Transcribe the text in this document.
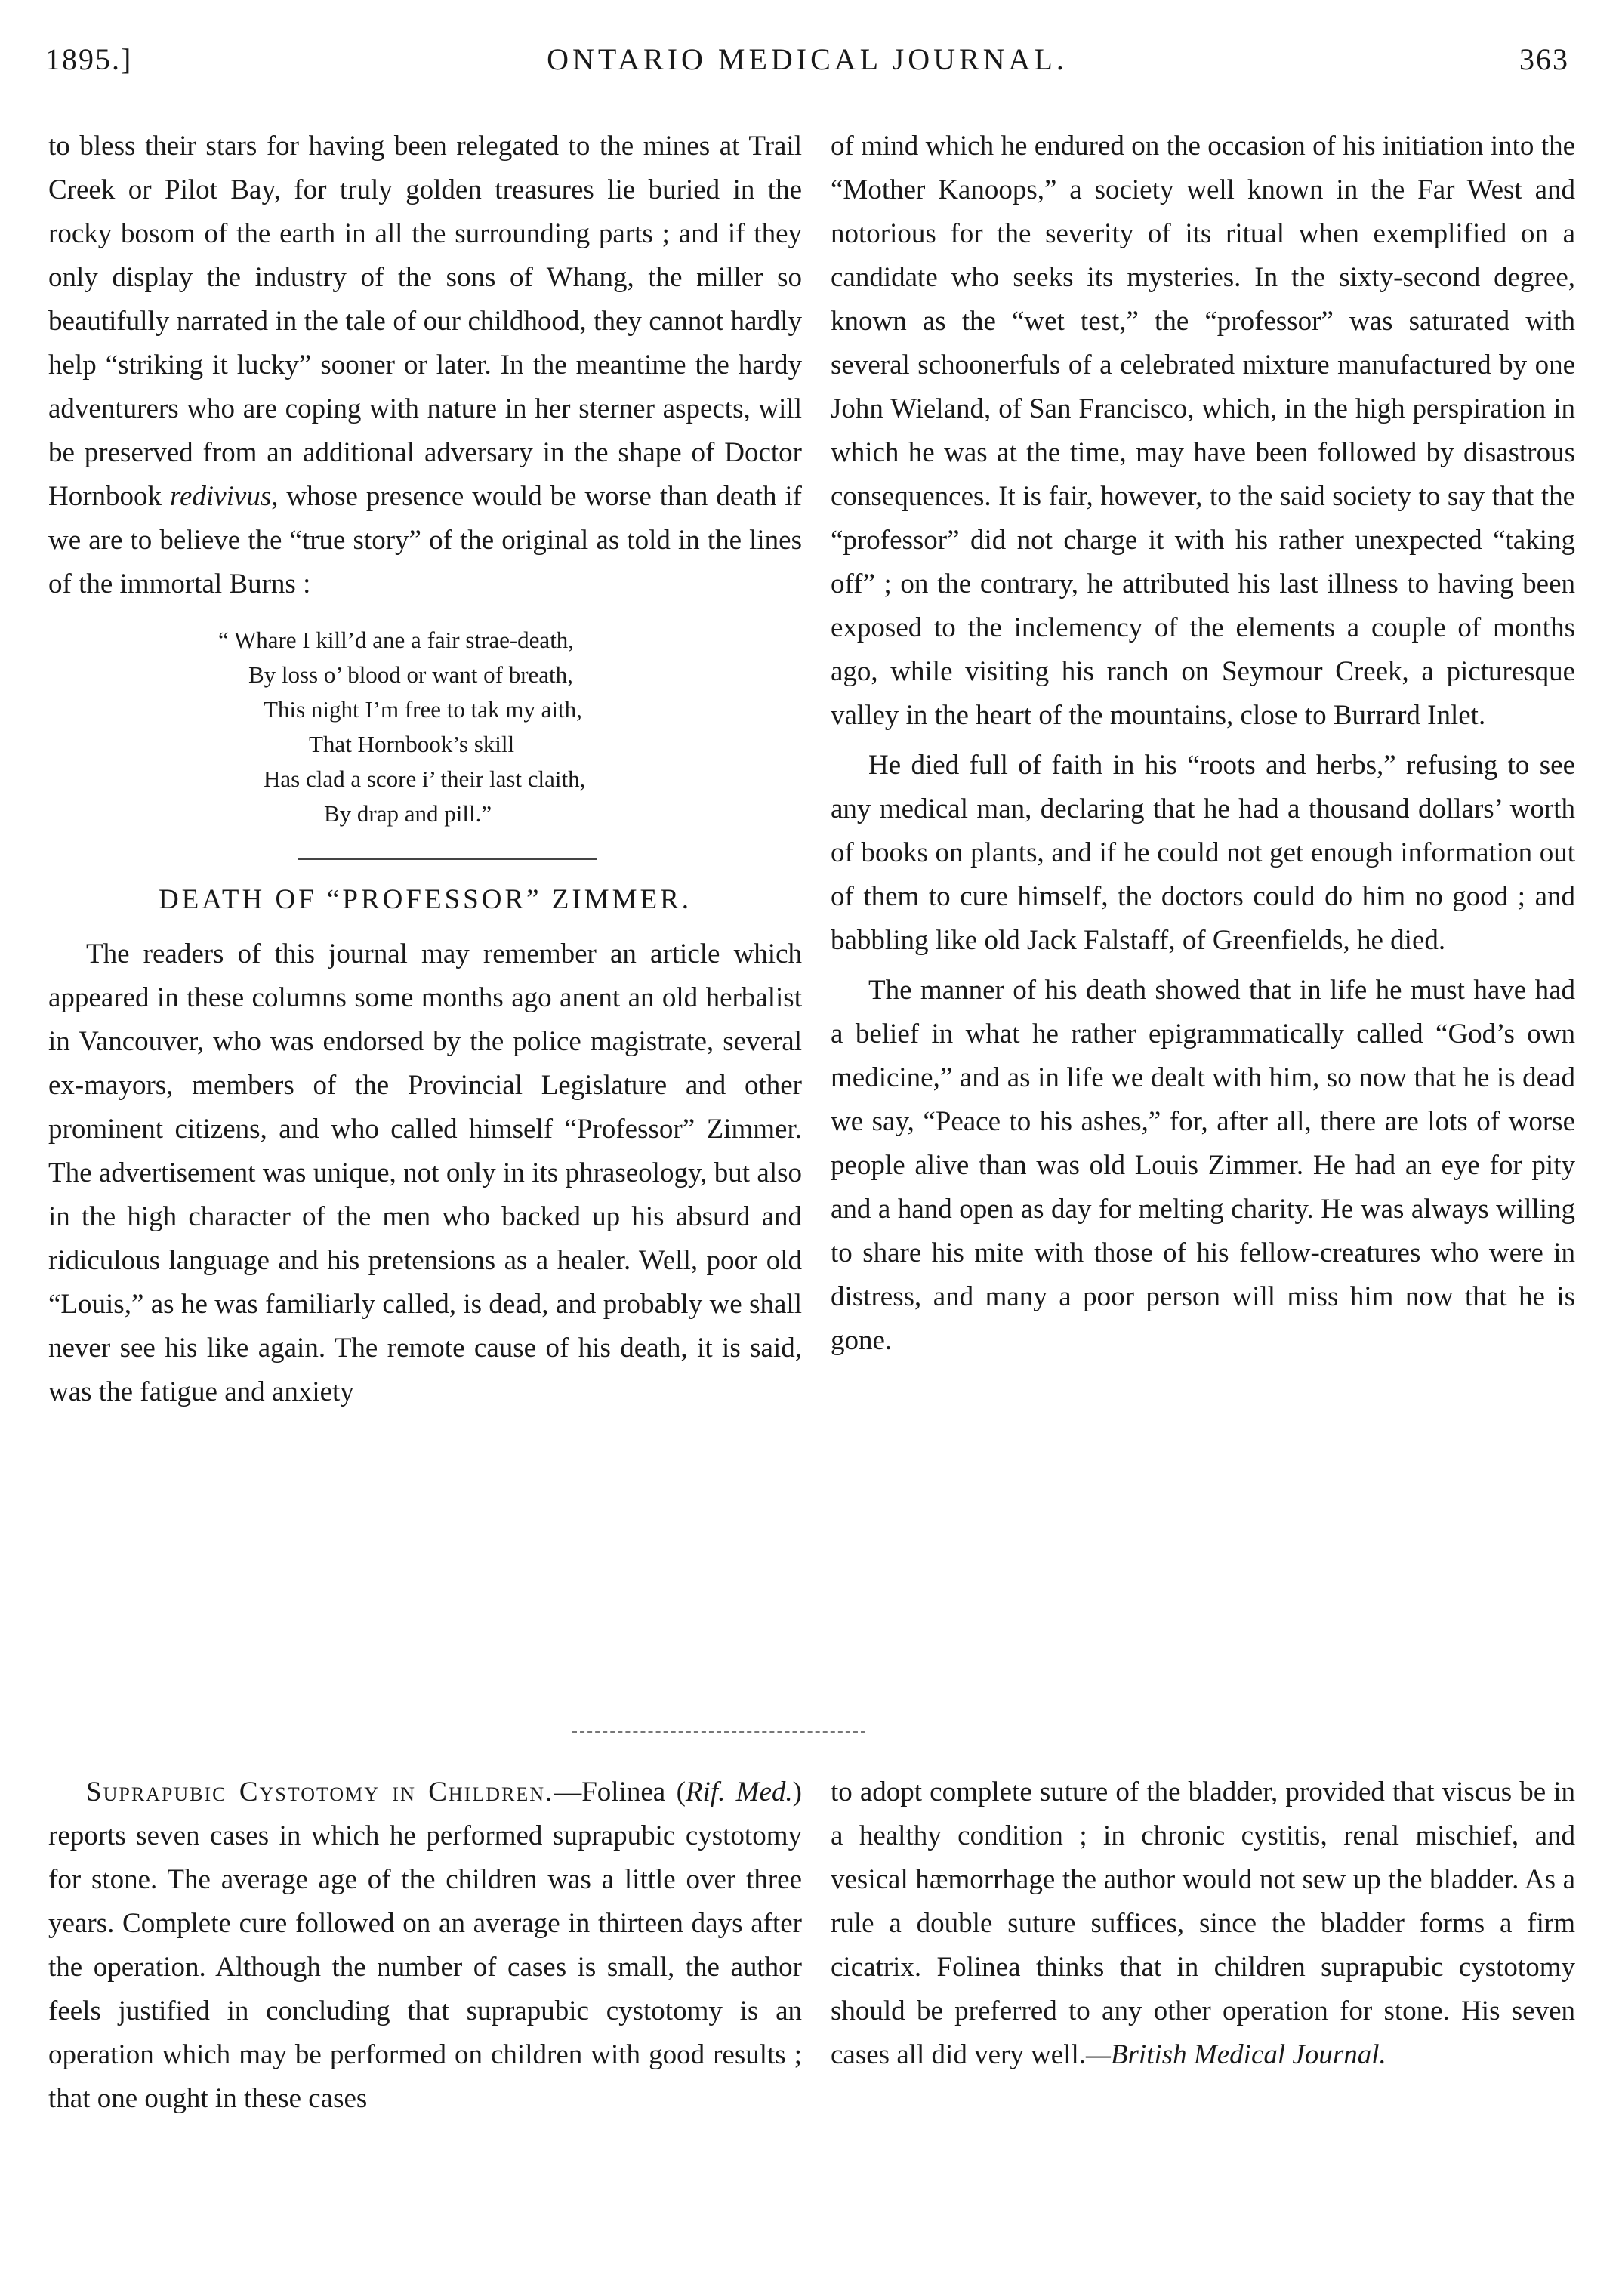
1895.]	ONTARIO MEDICAL JOURNAL.	363

to bless their stars for having been relegated to the mines at Trail Creek or Pilot Bay, for truly golden treasures lie buried in the rocky bosom of the earth in all the surrounding parts ; and if they only display the industry of the sons of Whang, the miller so beautifully narrated in the tale of our childhood, they cannot hardly help “striking it lucky” sooner or later. In the meantime the hardy adventurers who are coping with nature in her sterner aspects, will be preserved from an additional adversary in the shape of Doctor Hornbook redivivus, whose presence would be worse than death if we are to believe the “true story” of the original as told in the lines of the immortal Burns :

“ Whare I kill’d ane a fair strae-death,
By loss o’ blood or want of breath,
This night I’m free to tak my aith,
That Hornbook’s skill
Has clad a score i’ their last claith,
By drap and pill.”
DEATH OF “PROFESSOR” ZIMMER.

The readers of this journal may remember an article which appeared in these columns some months ago anent an old herbalist in Vancouver, who was endorsed by the police magistrate, several ex-mayors, members of the Provincial Legislature and other prominent citizens, and who called himself “Professor” Zimmer. The advertisement was unique, not only in its phraseology, but also in the high character of the men who backed up his absurd and ridiculous language and his pretensions as a healer. Well, poor old “Louis,” as he was familiarly called, is dead, and probably we shall never see his like again. The remote cause of his death, it is said, was the fatigue and anxiety

of mind which he endured on the occasion of his initiation into the “Mother Kanoops,” a society well known in the Far West and notorious for the severity of its ritual when exemplified on a candidate who seeks its mysteries. In the sixty-second degree, known as the “wet test,” the “professor” was saturated with several schoonerfuls of a celebrated mixture manufactured by one John Wieland, of San Francisco, which, in the high perspiration in which he was at the time, may have been followed by disastrous consequences. It is fair, however, to the said society to say that the “professor” did not charge it with his rather unexpected “taking off” ; on the contrary, he attributed his last illness to having been exposed to the inclemency of the elements a couple of months ago, while visiting his ranch on Seymour Creek, a picturesque valley in the heart of the mountains, close to Burrard Inlet.

He died full of faith in his “roots and herbs,” refusing to see any medical man, declaring that he had a thousand dollars’ worth of books on plants, and if he could not get enough information out of them to cure himself, the doctors could do him no good ; and babbling like old Jack Falstaff, of Greenfields, he died.

The manner of his death showed that in life he must have had a belief in what he rather epigrammatically called “God’s own medicine,” and as in life we dealt with him, so now that he is dead we say, “Peace to his ashes,” for, after all, there are lots of worse people alive than was old Louis Zimmer. He had an eye for pity and a hand open as day for melting charity. He was always willing to share his mite with those of his fellow-creatures who were in distress, and many a poor person will miss him now that he is gone.

Suprapubic Cystotomy in Children.—Folinea (Rif. Med.) reports seven cases in which he performed suprapubic cystotomy for stone. The average age of the children was a little over three years. Complete cure followed on an average in thirteen days after the operation. Although the number of cases is small, the author feels justified in concluding that suprapubic cystotomy is an operation which may be performed on children with good results ; that one ought in these cases

to adopt complete suture of the bladder, provided that viscus be in a healthy condition ; in chronic cystitis, renal mischief, and vesical hæmorrhage the author would not sew up the bladder. As a rule a double suture suffices, since the bladder forms a firm cicatrix. Folinea thinks that in children suprapubic cystotomy should be preferred to any other operation for stone. His seven cases all did very well.—British Medical Journal.
